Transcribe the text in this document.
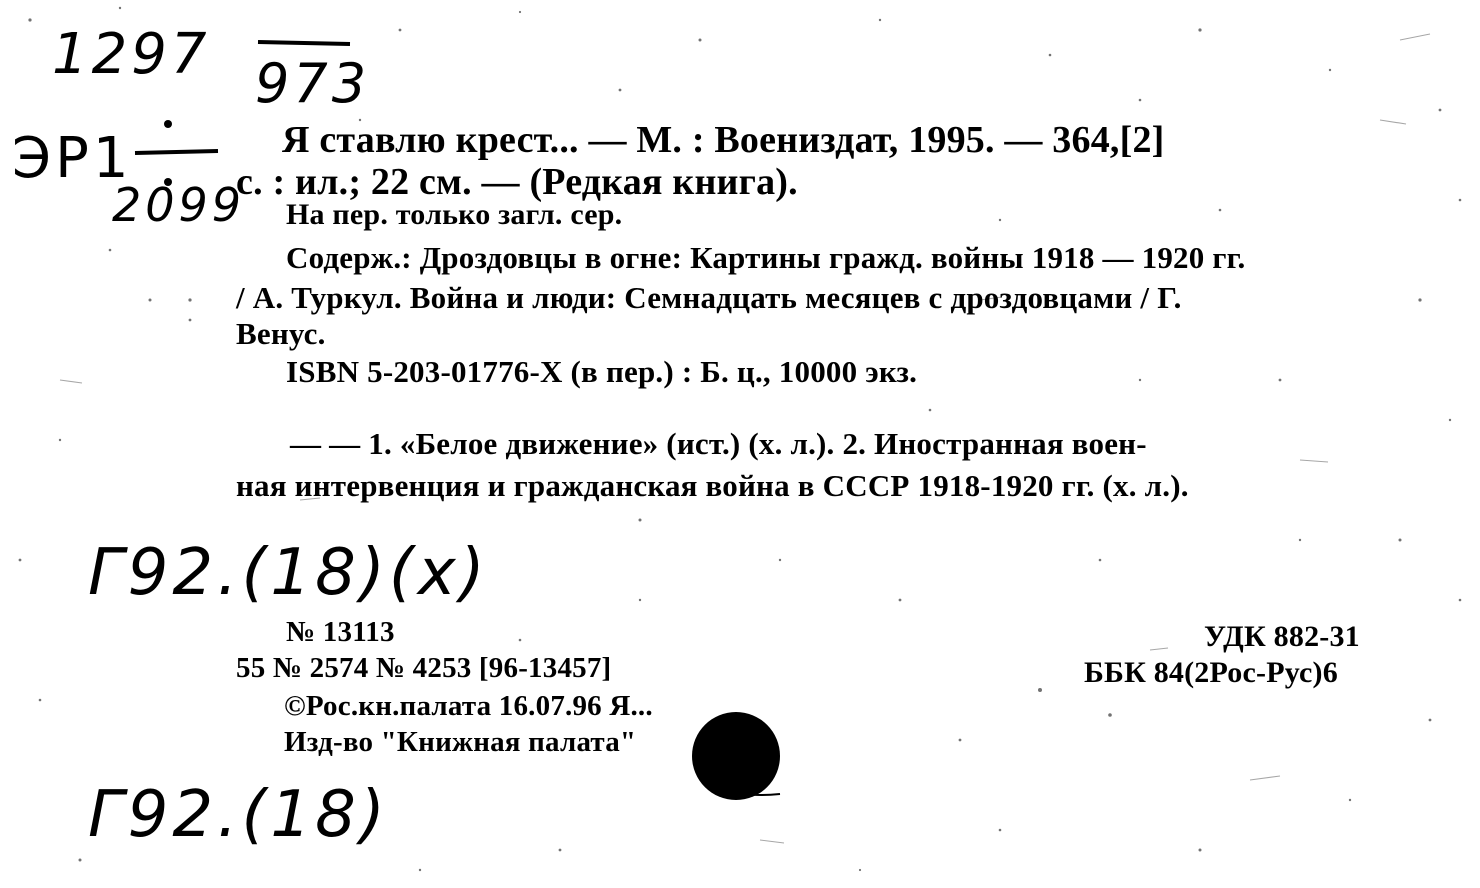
1297 973
ЭР1
2099
Я ставлю крест... — М. : Воениздат, 1995. — 364,[2]
с. : ил.; 22 см. — (Редкая книга).
На пер. только загл. сер.
Содерж.: Дроздовцы в огне: Картины гражд. войны 1918 — 1920 гг.
/ А. Туркул. Война и люди: Семнадцать месяцев с дроздовцами / Г.
Венус.
ISBN 5-203-01776-X (в пер.) : Б. ц., 10000 экз.
— — 1. «Белое движение» (ист.) (х. л.). 2. Иностранная воен-
ная интервенция и гражданская война в СССР 1918-1920 гг. (х. л.).
Г92.(18)(х)
Г92.(18)
№ 13113
55 № 2574 № 4253 [96-13457]
©Рос.кн.палата 16.07.96 Я...
Изд-во "Книжная палата"
УДК 882-31
ББК 84(2Рос-Рус)6
